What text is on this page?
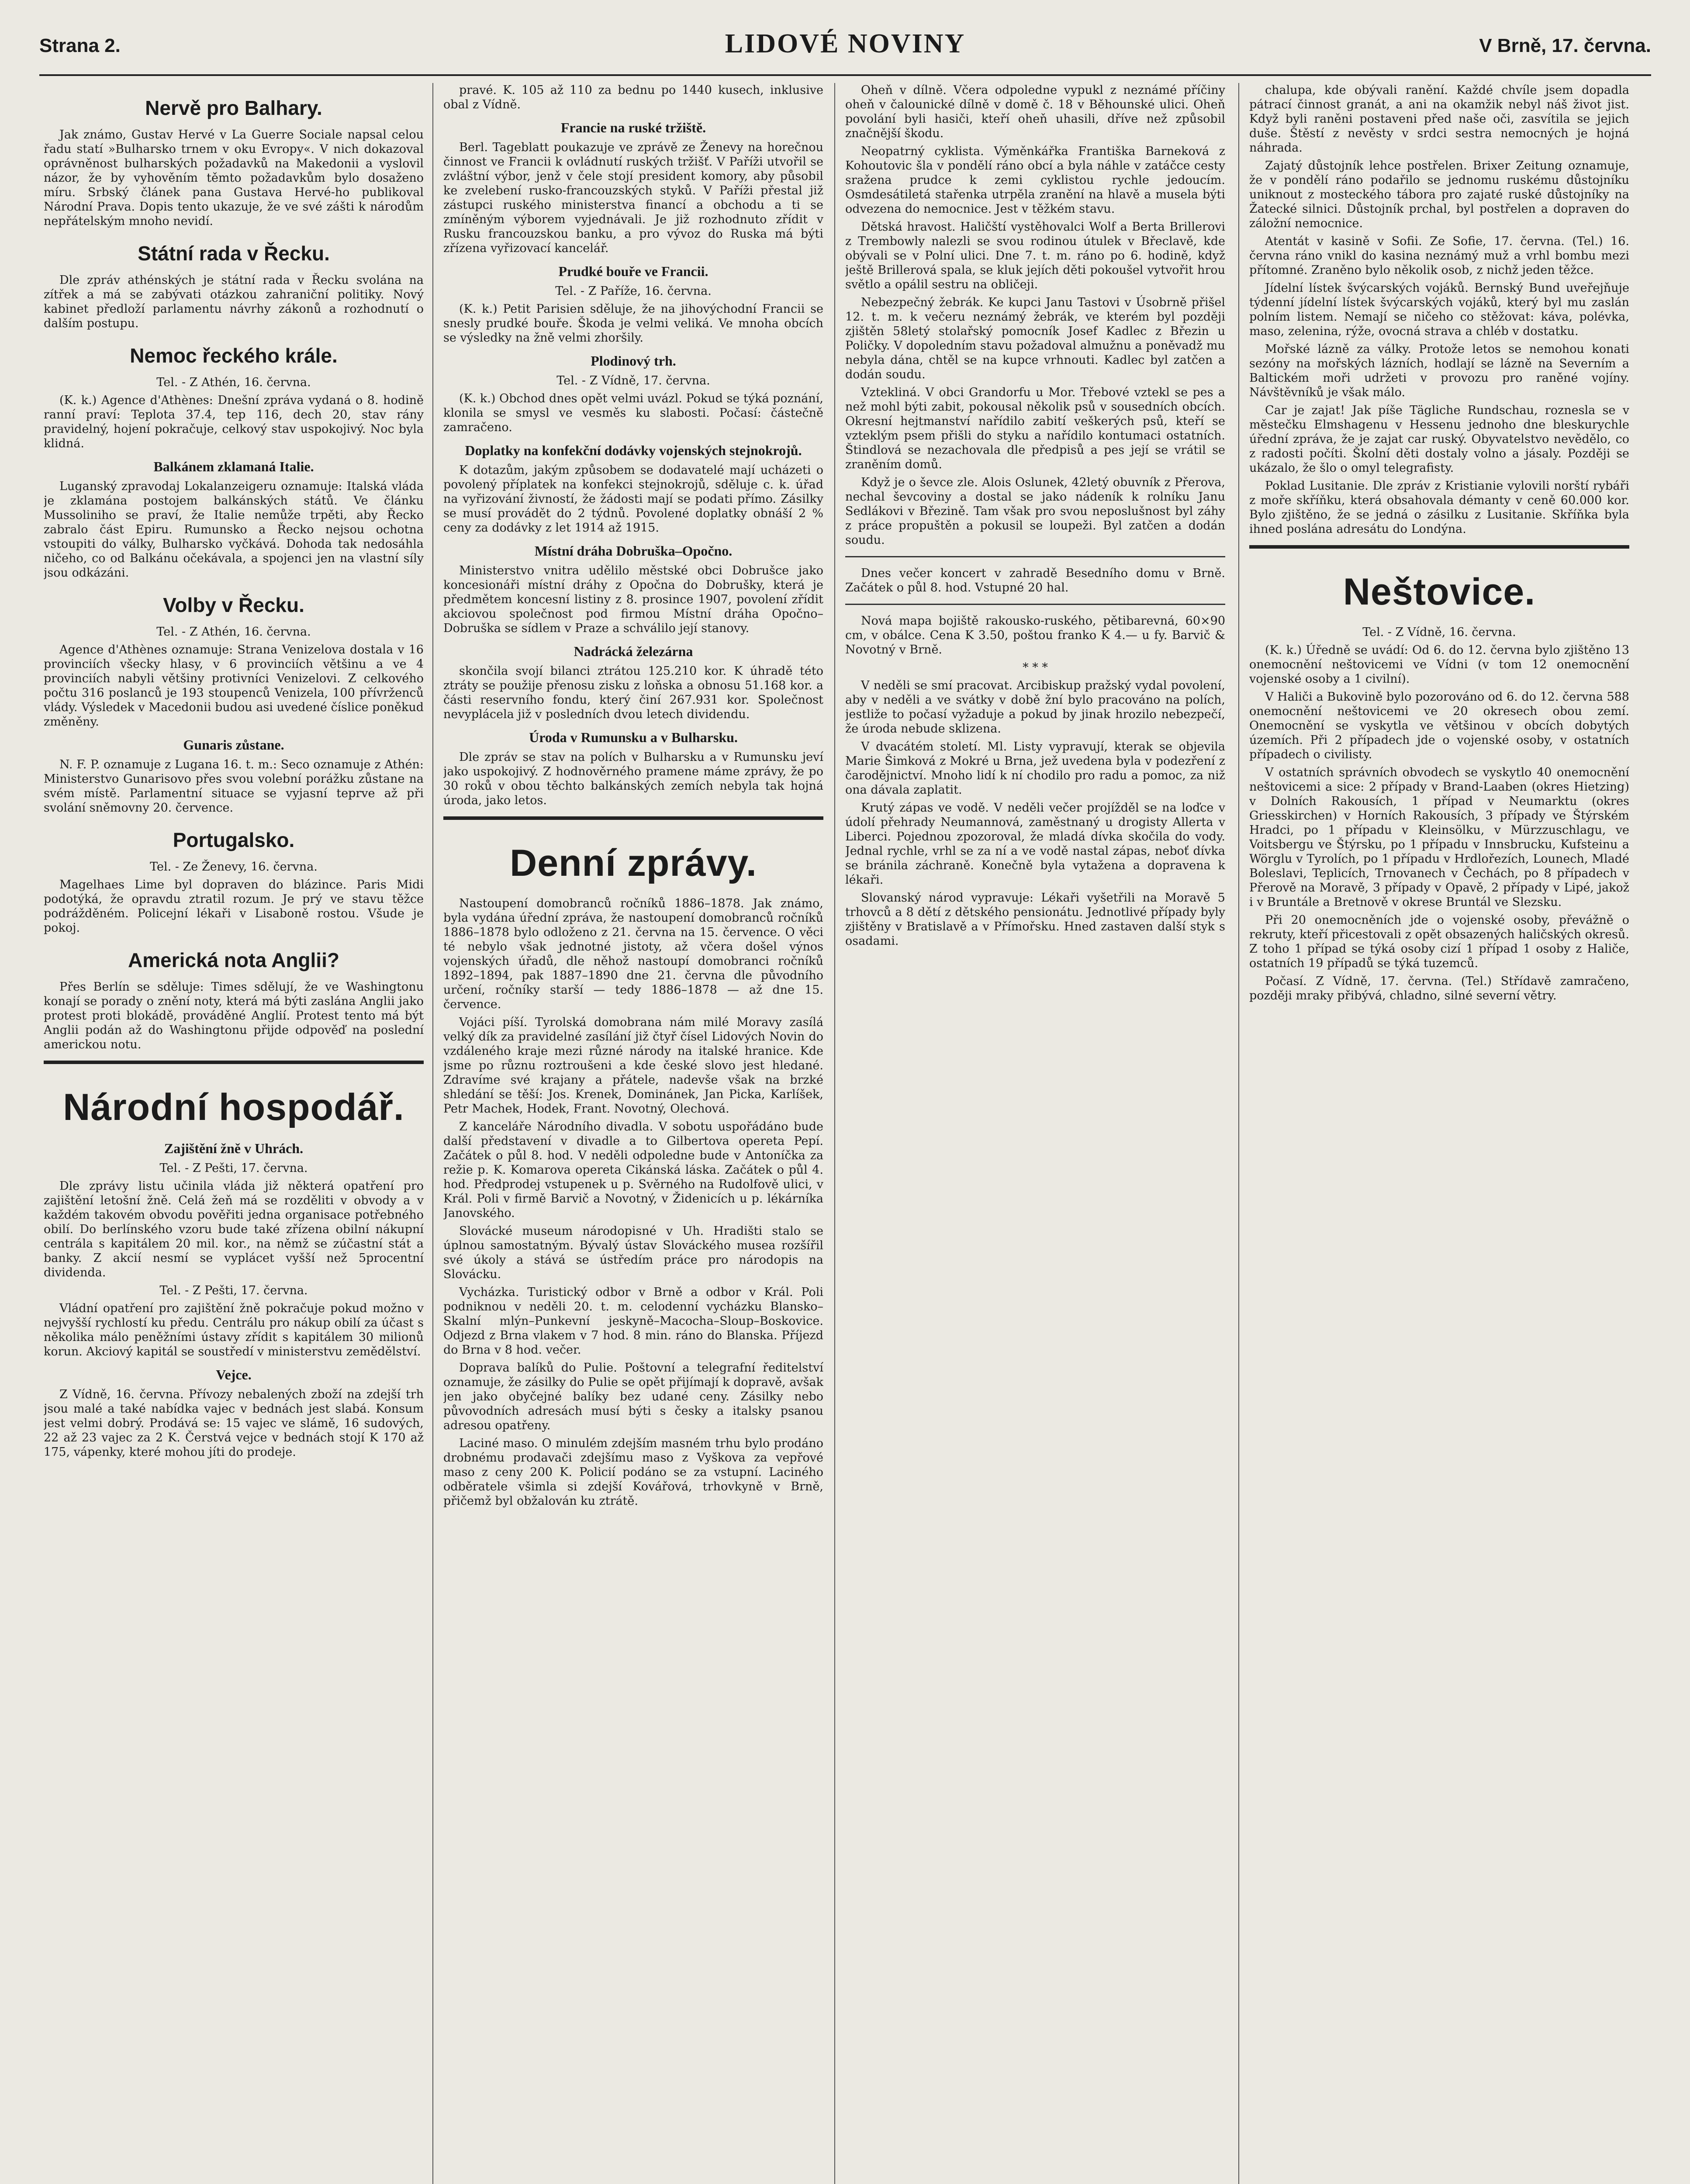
Strana 2.	LIDOVÉ NOVINY	V Brně, 17. června.
Nervě pro Balhary.

Jak známo, Gustav Hervé v La Guerre Sociale napsal celou řadu statí »Bulharsko trnem v oku Evropy«. V nich dokazoval oprávněnost bulharských požadavků na Makedonii a vyslovil názor, že by vyhověním těmto požadavkům bylo dosaženo míru. Srbský článek pana Gustava Hervé-ho publikoval Národní Prava. Dopis tento ukazuje, že ve své zášti k národům nepřátelským mnoho nevidí.

Státní rada v Řecku.

Dle zpráv athénských je státní rada v Řecku svolána na zítřek a má se zabývati otázkou zahraniční politiky. Nový kabinet předloží parlamentu návrhy zákonů a rozhodnutí o dalším postupu.

Nemoc řeckého krále.
Tel. - Z Athén, 16. června.

(K. k.) Agence d'Athènes: Dnešní zpráva vydaná o 8. hodině ranní praví: Teplota 37.4, tep 116, dech 20, stav rány pravidelný, hojení pokračuje, celkový stav uspokojivý. Noc byla klidná.

Balkánem zklamaná Italie.

Luganský zpravodaj Lokalanzeigeru oznamuje: Italská vláda je zklamána postojem balkánských států. Ve článku Mussoliniho se praví, že Italie nemůže trpěti, aby Řecko zabralo část Epiru. Rumunsko a Řecko nejsou ochotna vstoupiti do války, Bulharsko vyčkává. Dohoda tak nedosáhla ničeho, co od Balkánu očekávala, a spojenci jen na vlastní síly jsou odkázáni.

Volby v Řecku.
Tel. - Z Athén, 16. června.

Agence d'Athènes oznamuje: Strana Venizelova dostala v 16 provinciích všecky hlasy, v 6 provinciích většinu a ve 4 provinciích nabyli většiny protivníci Venizelovi. Z celkového počtu 316 poslanců je 193 stoupenců Venizela, 100 přívrženců vlády. Výsledek v Macedonii budou asi uvedené číslice poněkud změněny.

Gunaris zůstane.

N. F. P. oznamuje z Lugana 16. t. m.: Seco oznamuje z Athén: Ministerstvo Gunarisovo přes svou volební porážku zůstane na svém místě. Parlamentní situace se vyjasní teprve až při svolání sněmovny 20. července.

Portugalsko.
Tel. - Ze Ženevy, 16. června.

Magelhaes Lime byl dopraven do blázince. Paris Midi podotýká, že opravdu ztratil rozum. Je prý ve stavu těžce podrážděném. Policejní lékaři v Lisaboně rostou. Všude je pokoj.

Americká nota Anglii?

Přes Berlín se sděluje: Times sdělují, že ve Washingtonu konají se porady o znění noty, která má býti zaslána Anglii jako protest proti blokádě, prováděné Anglií. Protest tento má být Anglii podán až do Washingtonu přijde odpověď na poslední americkou notu.

Národní hospodář.
Zajištění žně v Uhrách.
Tel. - Z Pešti, 17. června.

Dle zprávy listu učinila vláda již některá opatření pro zajištění letošní žně. Celá žeň má se rozděliti v obvody a v každém takovém obvodu pověřiti jedna organisace potřebného obilí. Do berlínského vzoru bude také zřízena obilní nákupní centrála s kapitálem 20 mil. kor., na němž se zúčastní stát a banky. Z akcií nesmí se vyplácet vyšší než 5procentní dividenda.

Tel. - Z Pešti, 17. června.

Vládní opatření pro zajištění žně pokračuje pokud možno v nejvyšší rychlostí ku předu. Centrálu pro nákup obilí za účast s několika málo peněžními ústavy zřídit s kapitálem 30 milionů korun. Akciový kapitál se soustředí v ministerstvu zemědělství.

Vejce.

Z Vídně, 16. června. Přívozy nebalených zboží na zdejší trh jsou malé a také nabídka vajec v bednách jest slabá. Konsum jest velmi dobrý. Prodává se: 15 vajec ve slámě, 16 sudových, 22 až 23 vajec za 2 K. Čerstvá vejce v bednách stojí K 170 až 175, vápenky, které mohou jíti do prodeje.

pravé. K. 105 až 110 za bednu po 1440 kusech, inklusive obal z Vídně.

Francie na ruské tržiště.

Berl. Tageblatt poukazuje ve zprávě ze Ženevy na horečnou činnost ve Francii k ovládnutí ruských tržišť. V Paříži utvořil se zvláštní výbor, jenž v čele stojí president komory, aby působil ke zvelebení rusko-francouzských styků. V Paříži přestal již zástupci ruského ministerstva financí a obchodu a ti se zmíněným výborem vyjednávali. Je již rozhodnuto zřídit v Rusku francouzskou banku, a pro vývoz do Ruska má býti zřízena vyřizovací kancelář.

Prudké bouře ve Francii.
Tel. - Z Paříže, 16. června.

(K. k.) Petit Parisien sděluje, že na jihovýchodní Francii se snesly prudké bouře. Škoda je velmi veliká. Ve mnoha obcích se výsledky na žně velmi zhoršily.

Plodinový trh.
Tel. - Z Vídně, 17. června.

(K. k.) Obchod dnes opět velmi uvázl. Pokud se týká poznání, klonila se smysl ve vesměs ku slabosti. Počasí: částečně zamračeno.

Doplatky na konfekční dodávky vojenských stejnokrojů.

K dotazům, jakým způsobem se dodavatelé mají ucházeti o povolený příplatek na konfekci stejnokrojů, sděluje c. k. úřad na vyřizování živností, že žádosti mají se podati přímo. Zásilky se musí provádět do 2 týdnů. Povolené doplatky obnáší 2 % ceny za dodávky z let 1914 až 1915.

Místní dráha Dobruška–Opočno.

Ministerstvo vnitra udělilo městské obci Dobrušce jako koncesionáři místní dráhy z Opočna do Dobrušky, která je předmětem koncesní listiny z 8. prosince 1907, povolení zřídit akciovou společnost pod firmou Místní dráha Opočno–Dobruška se sídlem v Praze a schválilo její stanovy.

Nadrácká železárna

skončila svojí bilanci ztrátou 125.210 kor. K úhradě této ztráty se použije přenosu zisku z loňska a obnosu 51.168 kor. a části reservního fondu, který činí 267.931 kor. Společnost nevyplácela již v posledních dvou letech dividendu.

Úroda v Rumunsku a v Bulharsku.

Dle zpráv se stav na polích v Bulharsku a v Rumunsku jeví jako uspokojivý. Z hodnověrného pramene máme zprávy, že po 30 roků v obou těchto balkánských zemích nebyla tak hojná úroda, jako letos.

Denní zprávy.

Nastoupení domobranců ročníků 1886–1878. Jak známo, byla vydána úřední zpráva, že nastoupení domobranců ročníků 1886–1878 bylo odloženo z 21. června na 15. července. O věci té nebylo však jednotné jistoty, až včera došel výnos vojenských úřadů, dle něhož nastoupí domobranci ročníků 1892–1894, pak 1887–1890 dne 21. června dle původního určení, ročníky starší — tedy 1886–1878 — až dne 15. července.

Vojáci píší. Tyrolská domobrana nám milé Moravy zasílá velký dík za pravidelné zasílání již čtyř čísel Lidových Novin do vzdáleného kraje mezi různé národy na italské hranice. Kde jsme po různu roztroušeni a kde české slovo jest hledané. Zdravíme své krajany a přátele, nadevše však na brzké shledání se těší: Jos. Krenek, Dominánek, Jan Picka, Karlíšek, Petr Machek, Hodek, Frant. Novotný, Olechová.

Z kanceláře Národního divadla. V sobotu uspořádáno bude další představení v divadle a to Gilbertova opereta Pepí. Začátek o půl 8. hod. V neděli odpoledne bude v Antoníčka za režie p. K. Komarova opereta Cikánská láska. Začátek o půl 4. hod. Předprodej vstupenek u p. Svěrného na Rudolfově ulici, v Král. Poli v firmě Barvič a Novotný, v Židenicích u p. lékárníka Janovského.

Slovácké museum národopisné v Uh. Hradišti stalo se úplnou samostatným. Bývalý ústav Slováckého musea rozšířil své úkoly a stává se ústředím práce pro národopis na Slovácku.

Vycházka. Turistický odbor v Brně a odbor v Král. Poli podniknou v neděli 20. t. m. celodenní vycházku Blansko–Skalní mlýn–Punkevní jeskyně–Macocha–Sloup–Boskovice. Odjezd z Brna vlakem v 7 hod. 8 min. ráno do Blanska. Příjezd do Brna v 8 hod. večer.

Doprava balíků do Pulie. Poštovní a telegrafní ředitelství oznamuje, že zásilky do Pulie se opět přijímají k dopravě, avšak jen jako obyčejné balíky bez udané ceny. Zásilky nebo půvovodních adresách musí býti s česky a italsky psanou adresou opatřeny.

Laciné maso. O minulém zdejším masném trhu bylo prodáno drobnému prodavači zdejšímu maso z Vyškova za vepřové maso z ceny 200 K. Policií podáno se za vstupní. Laciného odběratele všimla si zdejší Kovářová, trhovkyně v Brně, přičemž byl obžalován ku ztrátě.

Oheň v dílně. Včera odpoledne vypukl z neznámé příčiny oheň v čalounické dílně v domě č. 18 v Běhounské ulici. Oheň povolání byli hasiči, kteří oheň uhasili, dříve než způsobil značnější škodu.

Neopatrný cyklista. Výměnkářka Františka Barneková z Kohoutovic šla v pondělí ráno obcí a byla náhle v zatáčce cesty sražena prudce k zemi cyklistou rychle jedoucím. Osmdesátiletá stařenka utrpěla zranění na hlavě a musela býti odvezena do nemocnice. Jest v těžkém stavu.

Dětská hravost. Haličští vystěhovalci Wolf a Berta Brillerovi z Trembowly nalezli se svou rodinou útulek v Břeclavě, kde obývali se v Polní ulici. Dne 7. t. m. ráno po 6. hodině, když ještě Brillerová spala, se kluk jejích děti pokoušel vytvořit hrou světlo a opálil sestru na obličeji.

Nebezpečný žebrák. Ke kupci Janu Tastovi v Úsobrně přišel 12. t. m. k večeru neznámý žebrák, ve kterém byl později zjištěn 58letý stolařský pomocník Josef Kadlec z Březin u Poličky. V dopoledním stavu požadoval almužnu a poněvadž mu nebyla dána, chtěl se na kupce vrhnouti. Kadlec byl zatčen a dodán soudu.

Vztekliná. V obci Grandorfu u Mor. Třebové vztekl se pes a než mohl býti zabit, pokousal několik psů v sousedních obcích. Okresní hejtmanství nařídilo zabití veškerých psů, kteří se vzteklým psem přišli do styku a nařídilo kontumaci ostatních. Štindlová se nezachovala dle předpisů a pes její se vrátil se zraněním domů.

Když je o ševce zle. Alois Oslunek, 42letý obuvník z Přerova, nechal ševcoviny a dostal se jako nádeník k rolníku Janu Sedlákovi v Březině. Tam však pro svou neposlušnost byl záhy z práce propuštěn a pokusil se loupeži. Byl zatčen a dodán soudu.

Dnes večer koncert v zahradě Besedního domu v Brně. Začátek o půl 8. hod. Vstupné 20 hal.

Nová mapa bojiště rakousko-ruského, pětibarevná, 60×90 cm, v obálce. Cena K 3.50, poštou franko K 4.— u fy. Barvič & Novotný v Brně.

* * *

V neděli se smí pracovat. Arcibiskup pražský vydal povolení, aby v neděli a ve svátky v době žní bylo pracováno na polích, jestliže to počasí vyžaduje a pokud by jinak hrozilo nebezpečí, že úroda nebude sklizena.

V dvacátém století. Ml. Listy vypravují, kterak se objevila Marie Šimková z Mokré u Brna, jež uvedena byla v podezření z čarodějnictví. Mnoho lidí k ní chodilo pro radu a pomoc, za niž ona dávala zaplatit.

Krutý zápas ve vodě. V neděli večer projížděl se na loďce v údolí přehrady Neumannová, zaměstnaný u drogisty Allerta v Liberci. Pojednou zpozoroval, že mladá dívka skočila do vody. Jednal rychle, vrhl se za ní a ve vodě nastal zápas, neboť dívka se bránila záchraně. Konečně byla vytažena a dopravena k lékaři.

Slovanský národ vypravuje: Lékaři vyšetřili na Moravě 5 trhovců a 8 dětí z dětského pensionátu. Jednotlivé případy byly zjištěny v Bratislavě a v Přímořsku. Hned zastaven další styk s osadami.

chalupa, kde obývali ranění. Každé chvíle jsem dopadla pátrací činnost granát, a ani na okamžik nebyl náš život jist. Když byli raněni postaveni před naše oči, zasvítila se jejich duše. Štěstí z nevěsty v srdci sestra nemocných je hojná náhrada.

Zajatý důstojník lehce postřelen. Brixer Zeitung oznamuje, že v pondělí ráno podařilo se jednomu ruskému důstojníku uniknout z mosteckého tábora pro zajaté ruské důstojníky na Žatecké silnici. Důstojník prchal, byl postřelen a dopraven do záložní nemocnice.

Atentát v kasině v Sofii. Ze Sofie, 17. června. (Tel.) 16. června ráno vnikl do kasina neznámý muž a vrhl bombu mezi přítomné. Zraněno bylo několik osob, z nichž jeden těžce.

Jídelní lístek švýcarských vojáků. Bernský Bund uveřejňuje týdenní jídelní lístek švýcarských vojáků, který byl mu zaslán polním listem. Nemají se ničeho co stěžovat: káva, polévka, maso, zelenina, rýže, ovocná strava a chléb v dostatku.

Mořské lázně za války. Protože letos se nemohou konati sezóny na mořských lázních, hodlají se lázně na Severním a Baltickém moři udržeti v provozu pro raněné vojíny. Návštěvníků je však málo.

Car je zajat! Jak píše Tägliche Rundschau, roznesla se v městečku Elmshagenu v Hessenu jednoho dne bleskurychle úřední zpráva, že je zajat car ruský. Obyvatelstvo nevědělo, co z radosti počíti. Školní děti dostaly volno a jásaly. Později se ukázalo, že šlo o omyl telegrafisty.

Poklad Lusitanie. Dle zpráv z Kristianie vylovili norští rybáři z moře skříňku, která obsahovala démanty v ceně 60.000 kor. Bylo zjištěno, že se jedná o zásilku z Lusitanie. Skříňka byla ihned poslána adresátu do Londýna.

Neštovice.
Tel. - Z Vídně, 16. června.

(K. k.) Úředně se uvádí: Od 6. do 12. června bylo zjištěno 13 onemocnění neštovicemi ve Vídni (v tom 12 onemocnění vojenské osoby a 1 civilní).

V Haliči a Bukovině bylo pozorováno od 6. do 12. června 588 onemocnění neštovicemi ve 20 okresech obou zemí. Onemocnění se vyskytla ve většinou v obcích dobytých územích. Při 2 případech jde o vojenské osoby, v ostatních případech o civilisty.

V ostatních správních obvodech se vyskytlo 40 onemocnění neštovicemi a sice: 2 případy v Brand-Laaben (okres Hietzing) v Dolních Rakousích, 1 případ v Neumarktu (okres Griesskirchen) v Horních Rakousích, 3 případy ve Štýrském Hradci, po 1 případu v Kleinsölku, v Mürzzuschlagu, ve Voitsbergu ve Štýrsku, po 1 případu v Innsbrucku, Kufsteinu a Wörglu v Tyrolích, po 1 případu v Hrdlořezích, Lounech, Mladé Boleslavi, Teplicích, Trnovanech v Čechách, po 8 případech v Přerově na Moravě, 3 případy v Opavě, 2 případy v Lipé, jakož i v Bruntále a Bretnově v okrese Bruntál ve Slezsku.

Při 20 onemocněních jde o vojenské osoby, převážně o rekruty, kteří přicestovali z opět obsazených haličských okresů. Z toho 1 případ se týká osoby cizí 1 případ 1 osoby z Haliče, ostatních 19 případů se týká tuzemců.

Počasí. Z Vídně, 17. června. (Tel.) Střídavě zamračeno, později mraky přibývá, chladno, silné severní větry.
